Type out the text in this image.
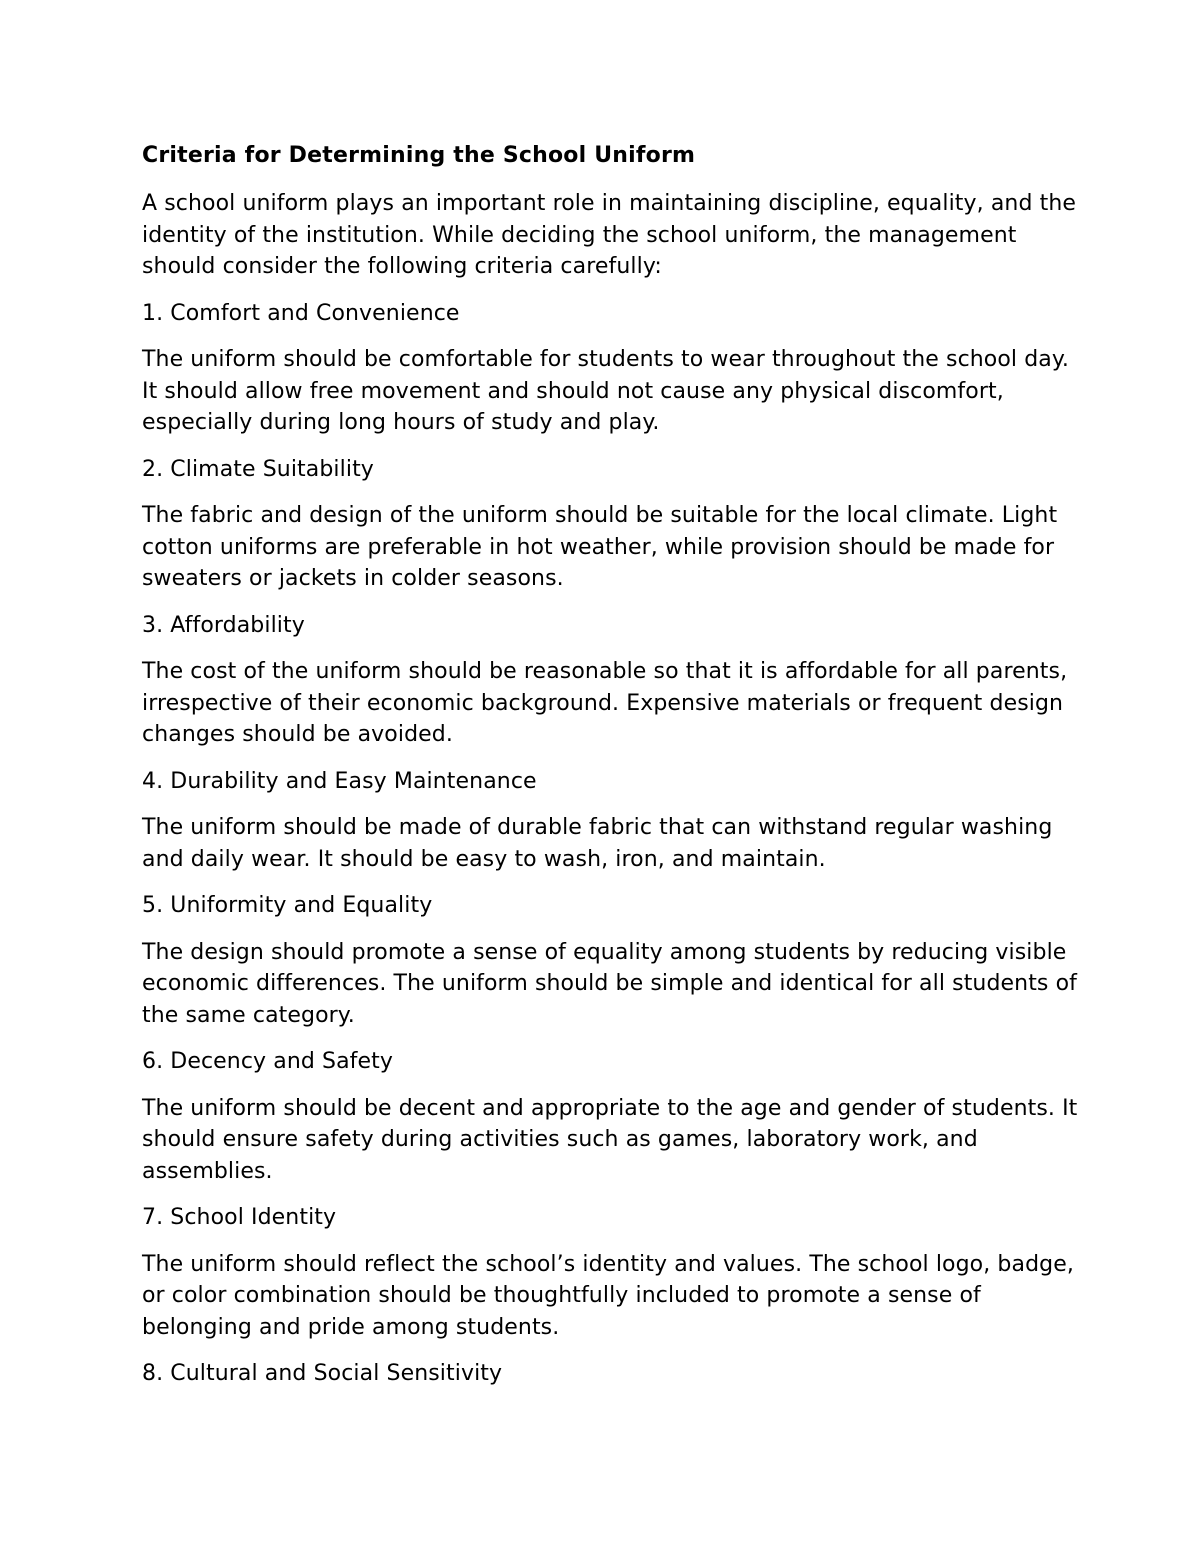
Criteria for Determining the School Uniform
A school uniform plays an important role in maintaining discipline, equality, and the identity of the institution. While deciding the school uniform, the management should consider the following criteria carefully:
1. Comfort and Convenience
The uniform should be comfortable for students to wear throughout the school day. It should allow free movement and should not cause any physical discomfort, especially during long hours of study and play.
2. Climate Suitability
The fabric and design of the uniform should be suitable for the local climate. Light cotton uniforms are preferable in hot weather, while provision should be made for sweaters or jackets in colder seasons.
3. Affordability
The cost of the uniform should be reasonable so that it is affordable for all parents, irrespective of their economic background. Expensive materials or frequent design changes should be avoided.
4. Durability and Easy Maintenance
The uniform should be made of durable fabric that can withstand regular washing and daily wear. It should be easy to wash, iron, and maintain.
5. Uniformity and Equality
The design should promote a sense of equality among students by reducing visible economic differences. The uniform should be simple and identical for all students of the same category.
6. Decency and Safety
The uniform should be decent and appropriate to the age and gender of students. It should ensure safety during activities such as games, laboratory work, and assemblies.
7. School Identity
The uniform should reflect the school’s identity and values. The school logo, badge, or color combination should be thoughtfully included to promote a sense of belonging and pride among students.
8. Cultural and Social Sensitivity
